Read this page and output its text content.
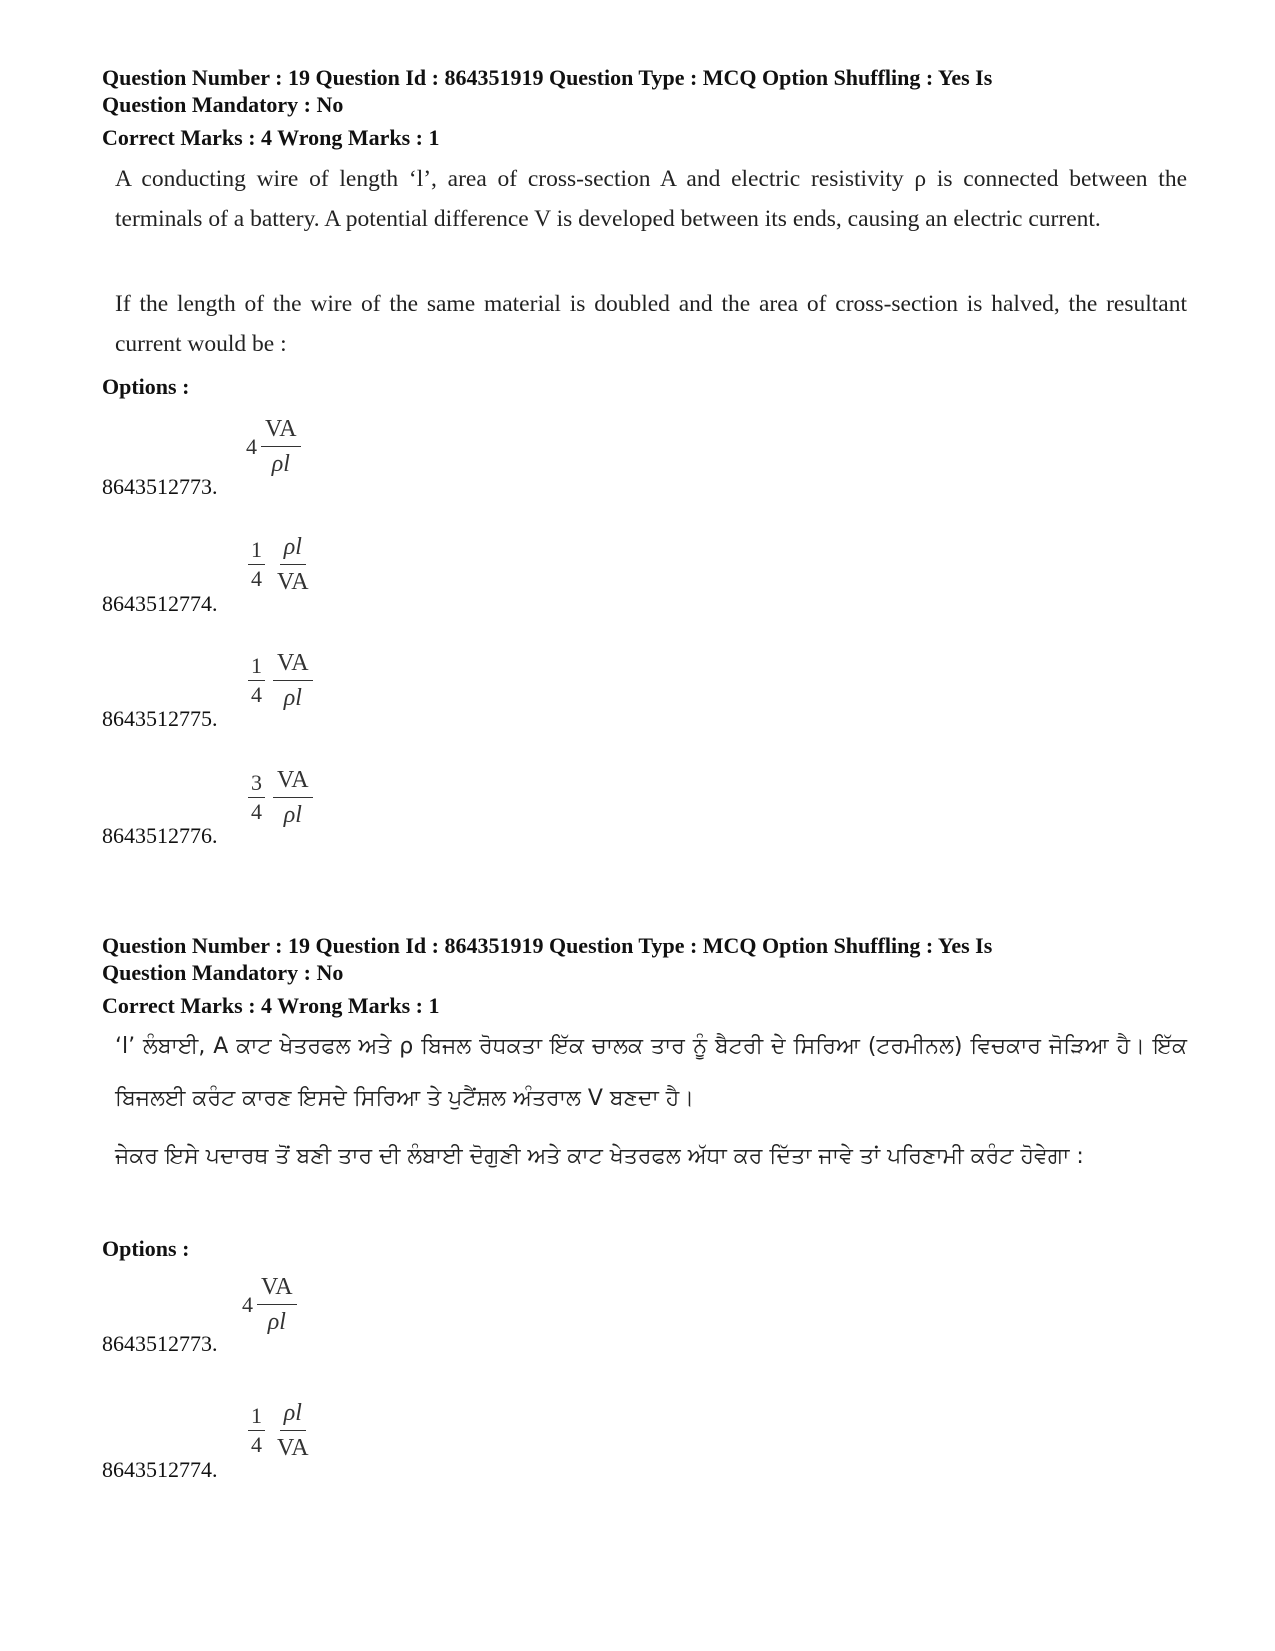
Question Number : 19 Question Id : 864351919 Question Type : MCQ Option Shuffling : Yes Is
Question Mandatory : No
Correct Marks : 4 Wrong Marks : 1
A conducting wire of length ‘l’, area of cross-section A and electric resistivity ρ is connected between the terminals of a battery. A potential difference V is developed between its ends, causing an electric current.
If the length of the wire of the same material is doubled and the area of cross-section is halved, the resultant current would be :
Options :
$4 \frac{VA}{\rho l}$
8643512773.
$\frac{1}{4} \frac{\rho l}{VA}$
8643512774.
$\frac{1}{4} \frac{VA}{\rho l}$
8643512775.
$\frac{3}{4} \frac{VA}{\rho l}$
8643512776.
Question Number : 19 Question Id : 864351919 Question Type : MCQ Option Shuffling : Yes Is
Question Mandatory : No
Correct Marks : 4 Wrong Marks : 1
‘l’ ਲੰਬਾਈ, A ਕਾਟ ਖੇਤਰਫਲ ਅਤੇ ρ ਬਿਜਲ ਰੋਧਕਤਾ ਇੱਕ ਚਾਲਕ ਤਾਰ ਨੂੰ ਬੈਟਰੀ ਦੇ ਸਿਰਿਆ (ਟਰਮੀਨਲ) ਵਿਚਕਾਰ ਜੋੜਿਆ ਹੈ। ਇੱਕ ਬਿਜਲਈ ਕਰੰਟ ਕਾਰਣ ਇਸਦੇ ਸਿਰਿਆ ਤੇ ਪੁਟੈਂਸ਼ਲ ਅੰਤਰਾਲ V ਬਣਦਾ ਹੈ।
ਜੇਕਰ ਇਸੇ ਪਦਾਰਥ ਤੋਂ ਬਣੀ ਤਾਰ ਦੀ ਲੰਬਾਈ ਦੋਗੁਣੀ ਅਤੇ ਕਾਟ ਖੇਤਰਫਲ ਅੱਧਾ ਕਰ ਦਿੱਤਾ ਜਾਵੇ ਤਾਂ ਪਰਿਣਾਮੀ ਕਰੰਟ ਹੋਵੇਗਾ :
Options :
$4 \frac{VA}{\rho l}$
8643512773.
$\frac{1}{4} \frac{\rho l}{VA}$
8643512774.
